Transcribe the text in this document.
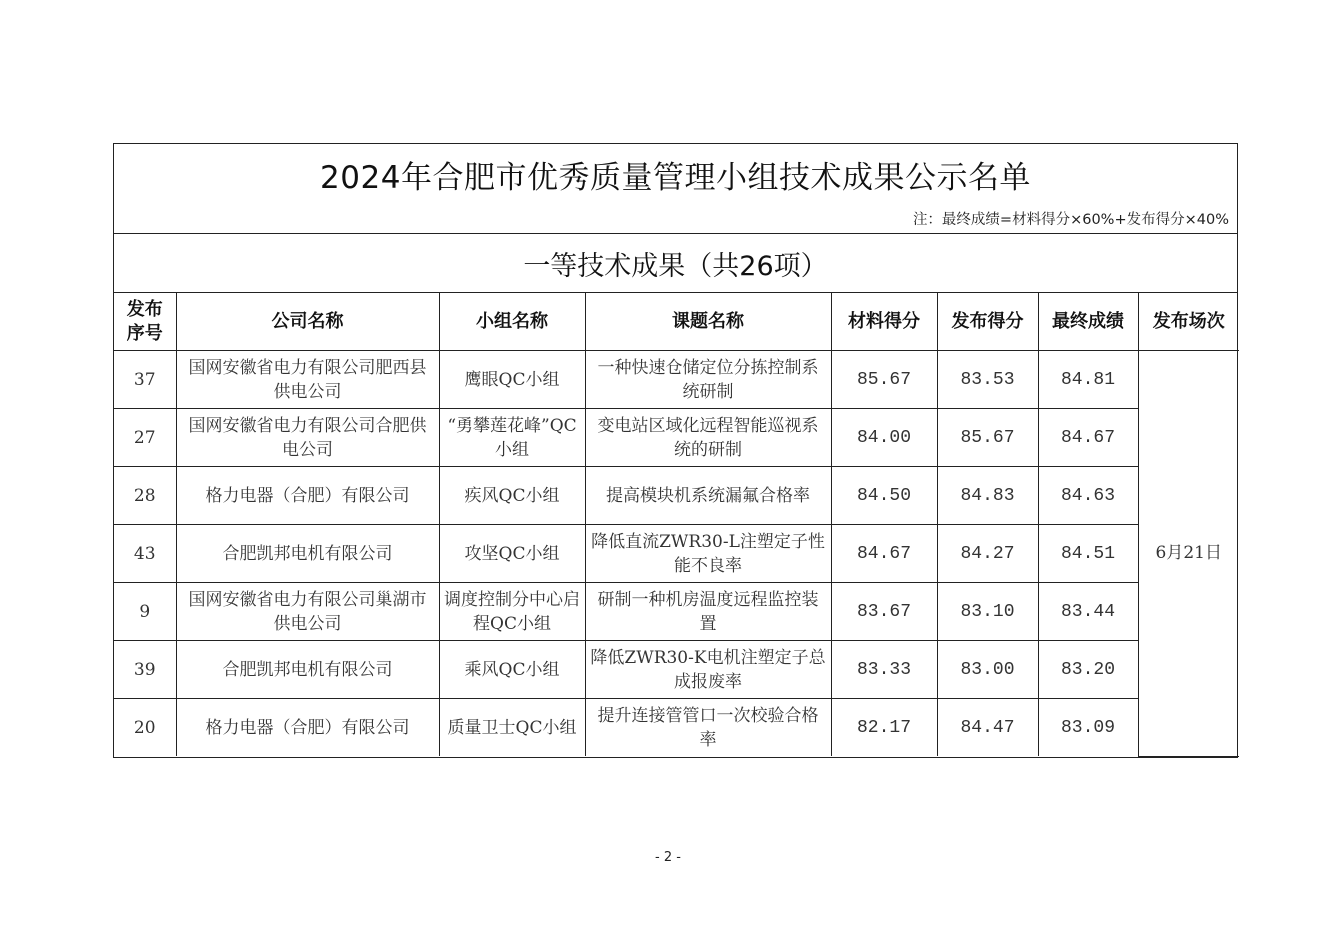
2024年合肥市优秀质量管理小组技术成果公示名单
注：最终成绩=材料得分×60%+发布得分×40%
一等技术成果（共26项）
发布序号	公司名称	小组名称	课题名称	材料得分	发布得分	最终成绩	发布场次
37	国网安徽省电力有限公司肥西县供电公司	鹰眼QC小组	一种快速仓储定位分拣控制系统研制	85.67	83.53	84.81	6月21日
27	国网安徽省电力有限公司合肥供电公司	“勇攀莲花峰”QC小组	变电站区域化远程智能巡视系统的研制	84.00	85.67	84.67	
28	格力电器（合肥）有限公司	疾风QC小组	提高模块机系统漏氟合格率	84.50	84.83	84.63	
43	合肥凯邦电机有限公司	攻坚QC小组	降低直流ZWR30-L注塑定子性能不良率	84.67	84.27	84.51	
9	国网安徽省电力有限公司巢湖市供电公司	调度控制分中心启程QC小组	研制一种机房温度远程监控装置	83.67	83.10	83.44	
39	合肥凯邦电机有限公司	乘风QC小组	降低ZWR30-K电机注塑定子总成报废率	83.33	83.00	83.20	
20	格力电器（合肥）有限公司	质量卫士QC小组	提升连接管管口一次校验合格率	82.17	84.47	83.09	
- 2 -
